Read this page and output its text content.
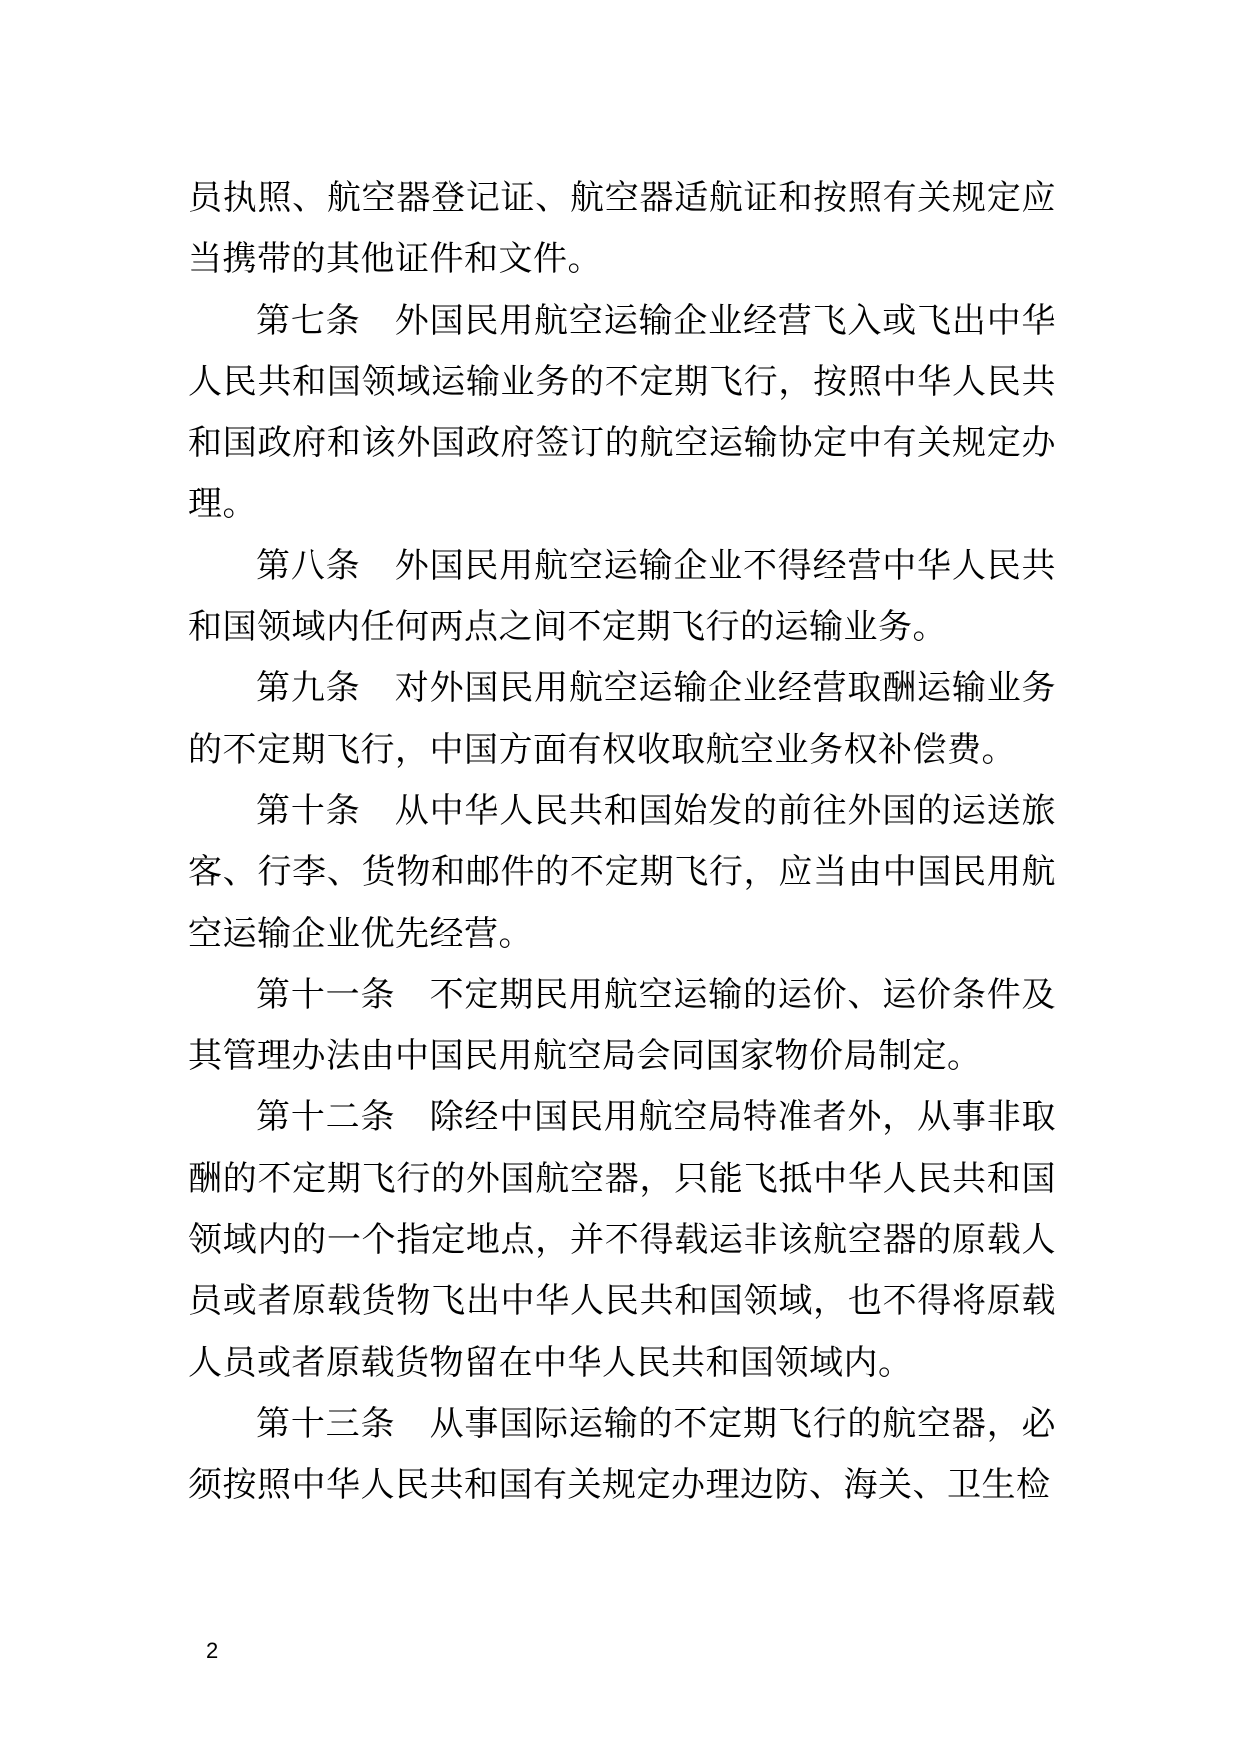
员执照、航空器登记证、航空器适航证和按照有关规定应当携带的其他证件和文件。

第七条 外国民用航空运输企业经营飞入或飞出中华人民共和国领域运输业务的不定期飞行，按照中华人民共和国政府和该外国政府签订的航空运输协定中有关规定办理。

第八条 外国民用航空运输企业不得经营中华人民共和国领域内任何两点之间不定期飞行的运输业务。

第九条 对外国民用航空运输企业经营取酬运输业务的不定期飞行，中国方面有权收取航空业务权补偿费。

第十条 从中华人民共和国始发的前往外国的运送旅客、行李、货物和邮件的不定期飞行，应当由中国民用航空运输企业优先经营。

第十一条 不定期民用航空运输的运价、运价条件及其管理办法由中国民用航空局会同国家物价局制定。

第十二条 除经中国民用航空局特准者外，从事非取酬的不定期飞行的外国航空器，只能飞抵中华人民共和国领域内的一个指定地点，并不得载运非该航空器的原载人员或者原载货物飞出中华人民共和国领域，也不得将原载人员或者原载货物留在中华人民共和国领域内。

第十三条 从事国际运输的不定期飞行的航空器，必须按照中华人民共和国有关规定办理边防、海关、卫生检

2
